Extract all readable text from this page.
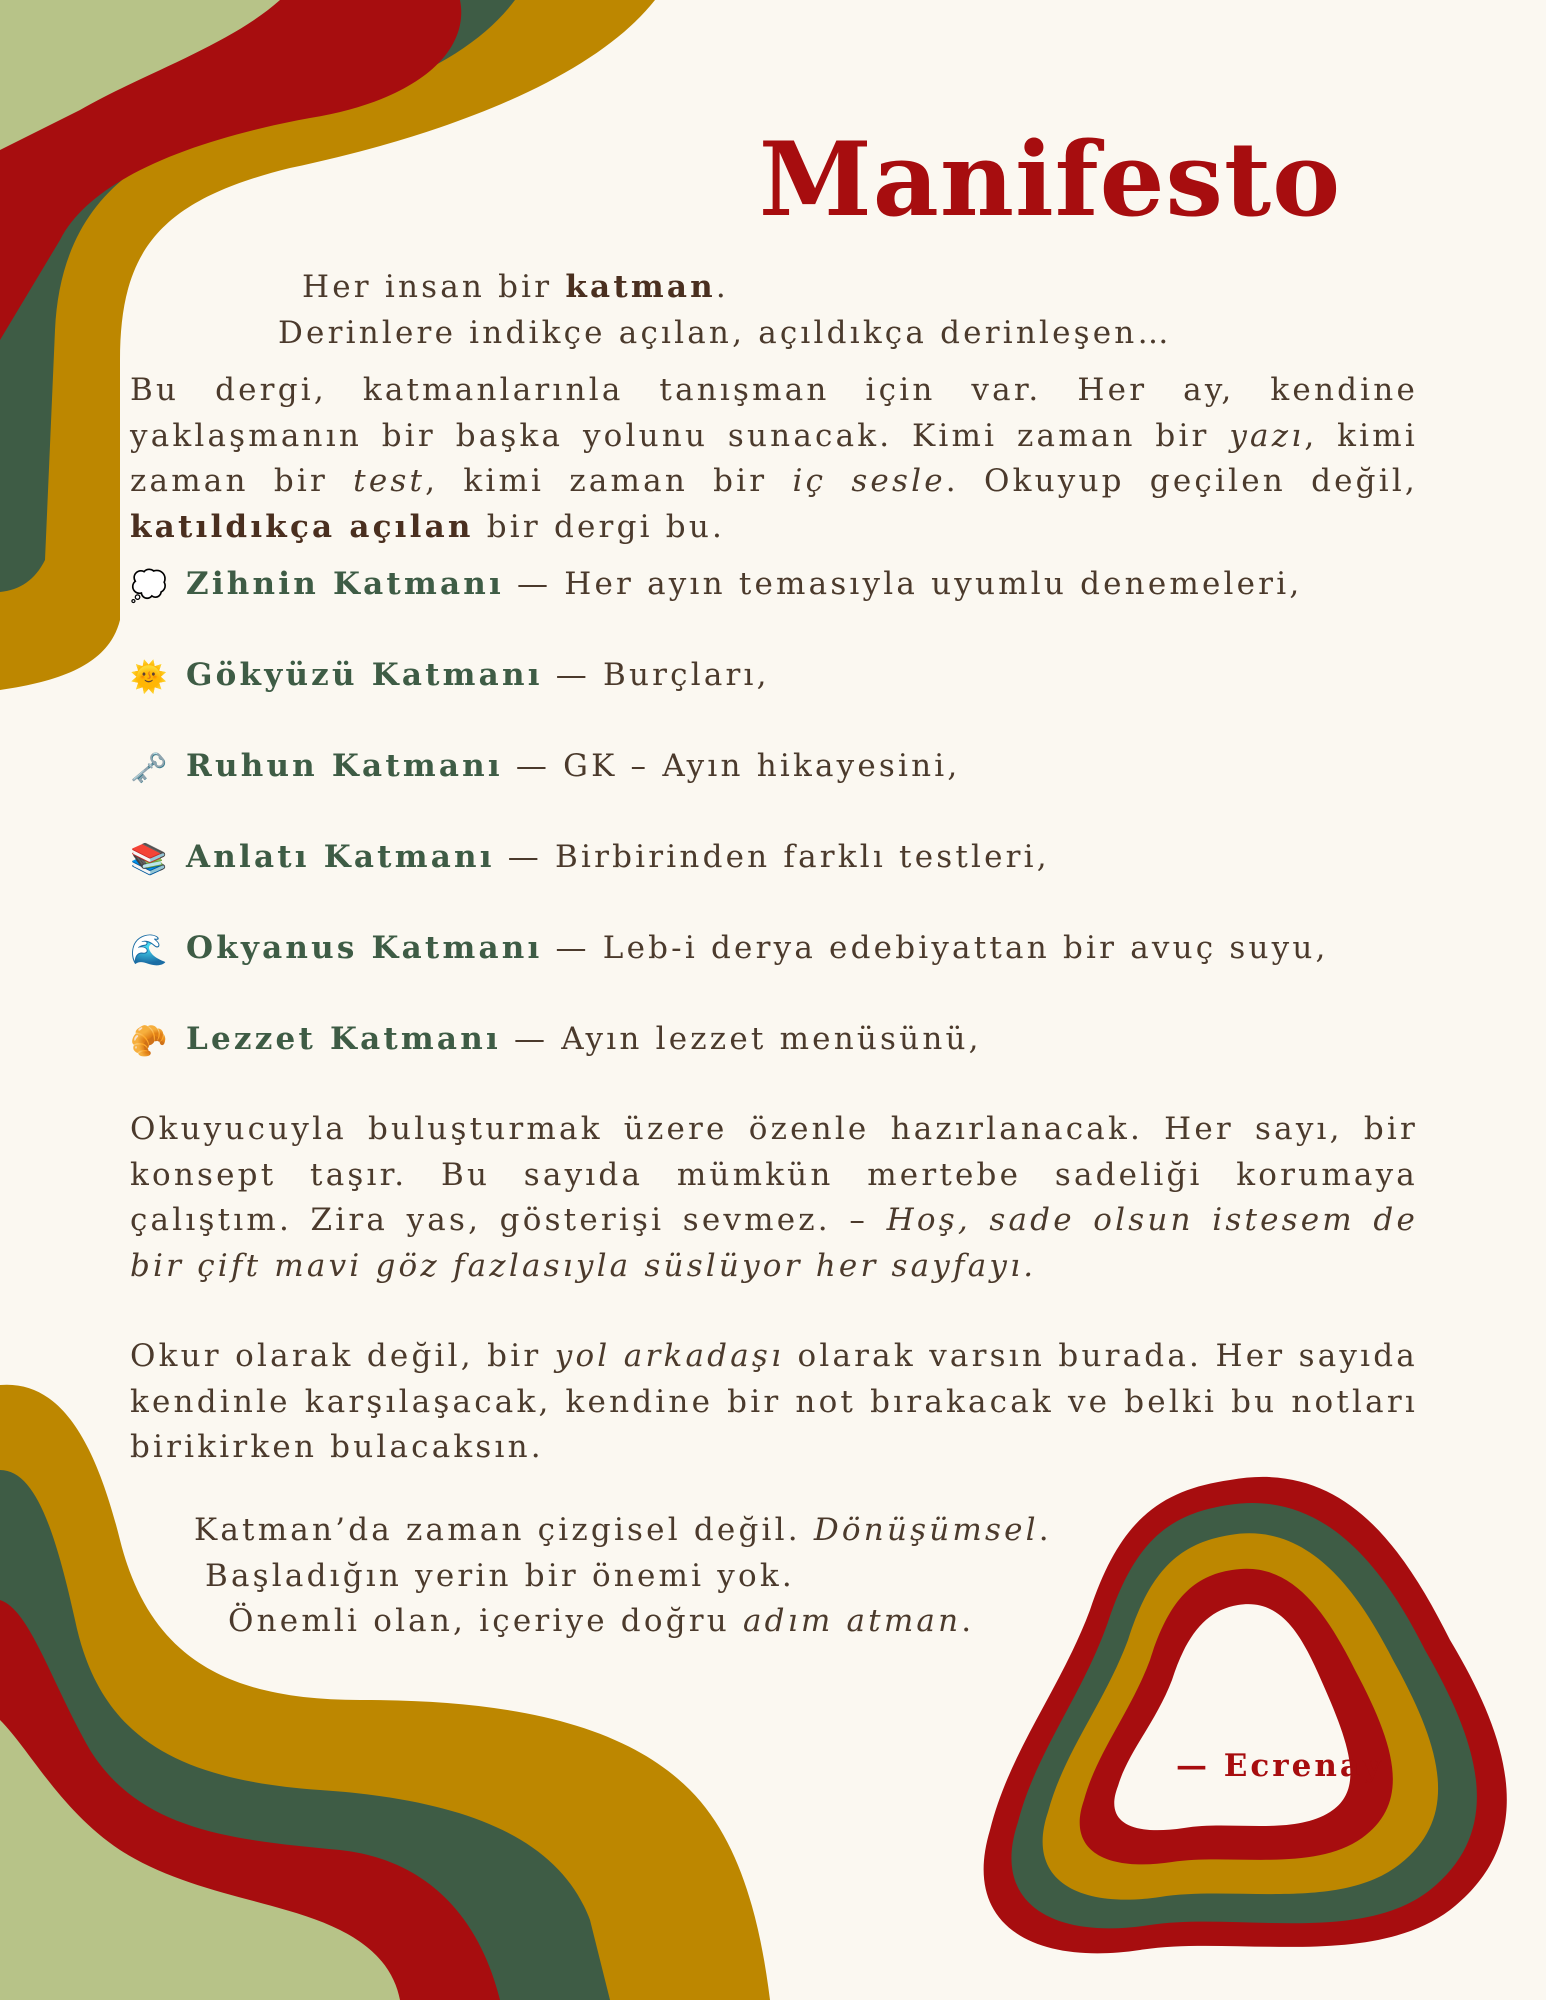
Manifesto

Her insan bir katman.

Derinlere indikçe açılan, açıldıkça derinleşen…

Bu dergi, katmanlarınla tanışman için var. Her ay, kendine yaklaşmanın bir başka yolunu sunacak. Kimi zaman bir yazı, kimi zaman bir test, kimi zaman bir iç sesle. Okuyup geçilen değil, katıldıkça açılan bir dergi bu.

💭 Zihnin Katmanı — Her ayın temasıyla uyumlu denemeleri,

🌞 Gökyüzü Katmanı — Burçları,

🗝️ Ruhun Katmanı — GK – Ayın hikayesini,

📚 Anlatı Katmanı — Birbirinden farklı testleri,

🌊 Okyanus Katmanı — Leb-i derya edebiyattan bir avuç suyu,

🥐 Lezzet Katmanı — Ayın lezzet menüsünü,

Okuyucuyla buluşturmak üzere özenle hazırlanacak. Her sayı, bir konsept taşır. Bu sayıda mümkün mertebe sadeliği korumaya çalıştım. Zira yas, gösterişi sevmez. – Hoş, sade olsun istesem de bir çift mavi göz fazlasıyla süslüyor her sayfayı.

Okur olarak değil, bir yol arkadaşı olarak varsın burada. Her sayıda kendinle karşılaşacak, kendine bir not bırakacak ve belki bu notları birikirken bulacaksın.

Katman’da zaman çizgisel değil. Dönüşümsel.

Başladığın yerin bir önemi yok.

Önemli olan, içeriye doğru adım atman.

— Ecrenay
